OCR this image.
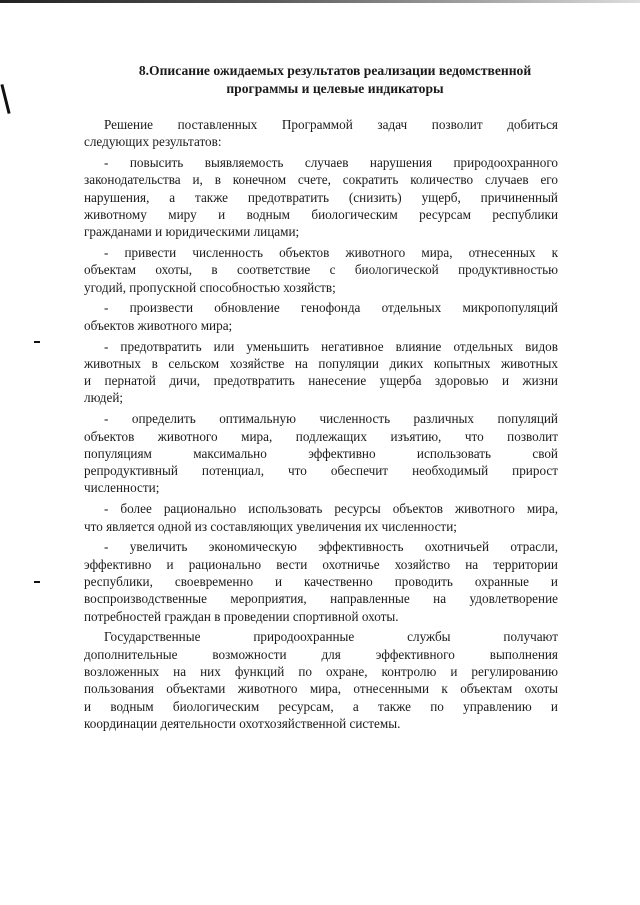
8.Описание ожидаемых результатов реализации ведомственной
программы и целевые индикаторы
Решение поставленных Программой задач позволит добиться
следующих результатов:
- повысить выявляемость случаев нарушения природоохранного
законодательства и, в конечном счете, сократить количество случаев его
нарушения, а также предотвратить (снизить) ущерб, причиненный
животному миру и водным биологическим ресурсам республики
гражданами и юридическими лицами;
- привести численность объектов животного мира, отнесенных к
объектам охоты, в соответствие с биологической продуктивностью
угодий, пропускной способностью хозяйств;
- произвести обновление генофонда отдельных микропопуляций
объектов животного мира;
- предотвратить или уменьшить негативное влияние отдельных видов
животных в сельском хозяйстве на популяции диких копытных животных
и пернатой дичи, предотвратить нанесение ущерба здоровью и жизни
людей;
- определить оптимальную численность различных популяций
объектов животного мира, подлежащих изъятию, что позволит
популяциям максимально эффективно использовать свой
репродуктивный потенциал, что обеспечит необходимый прирост
численности;
- более рационально использовать ресурсы объектов животного мира,
что является одной из составляющих увеличения их численности;
- увеличить экономическую эффективность охотничьей отрасли,
эффективно и рационально вести охотничье хозяйство на территории
республики, своевременно и качественно проводить охранные и
воспроизводственные мероприятия, направленные на удовлетворение
потребностей граждан в проведении спортивной охоты.
Государственные природоохранные службы получают
дополнительные возможности для эффективного выполнения
возложенных на них функций по охране, контролю и регулированию
пользования объектами животного мира, отнесенными к объектам охоты
и водным биологическим ресурсам, а также по управлению и
координации деятельности охотхозяйственной системы.
